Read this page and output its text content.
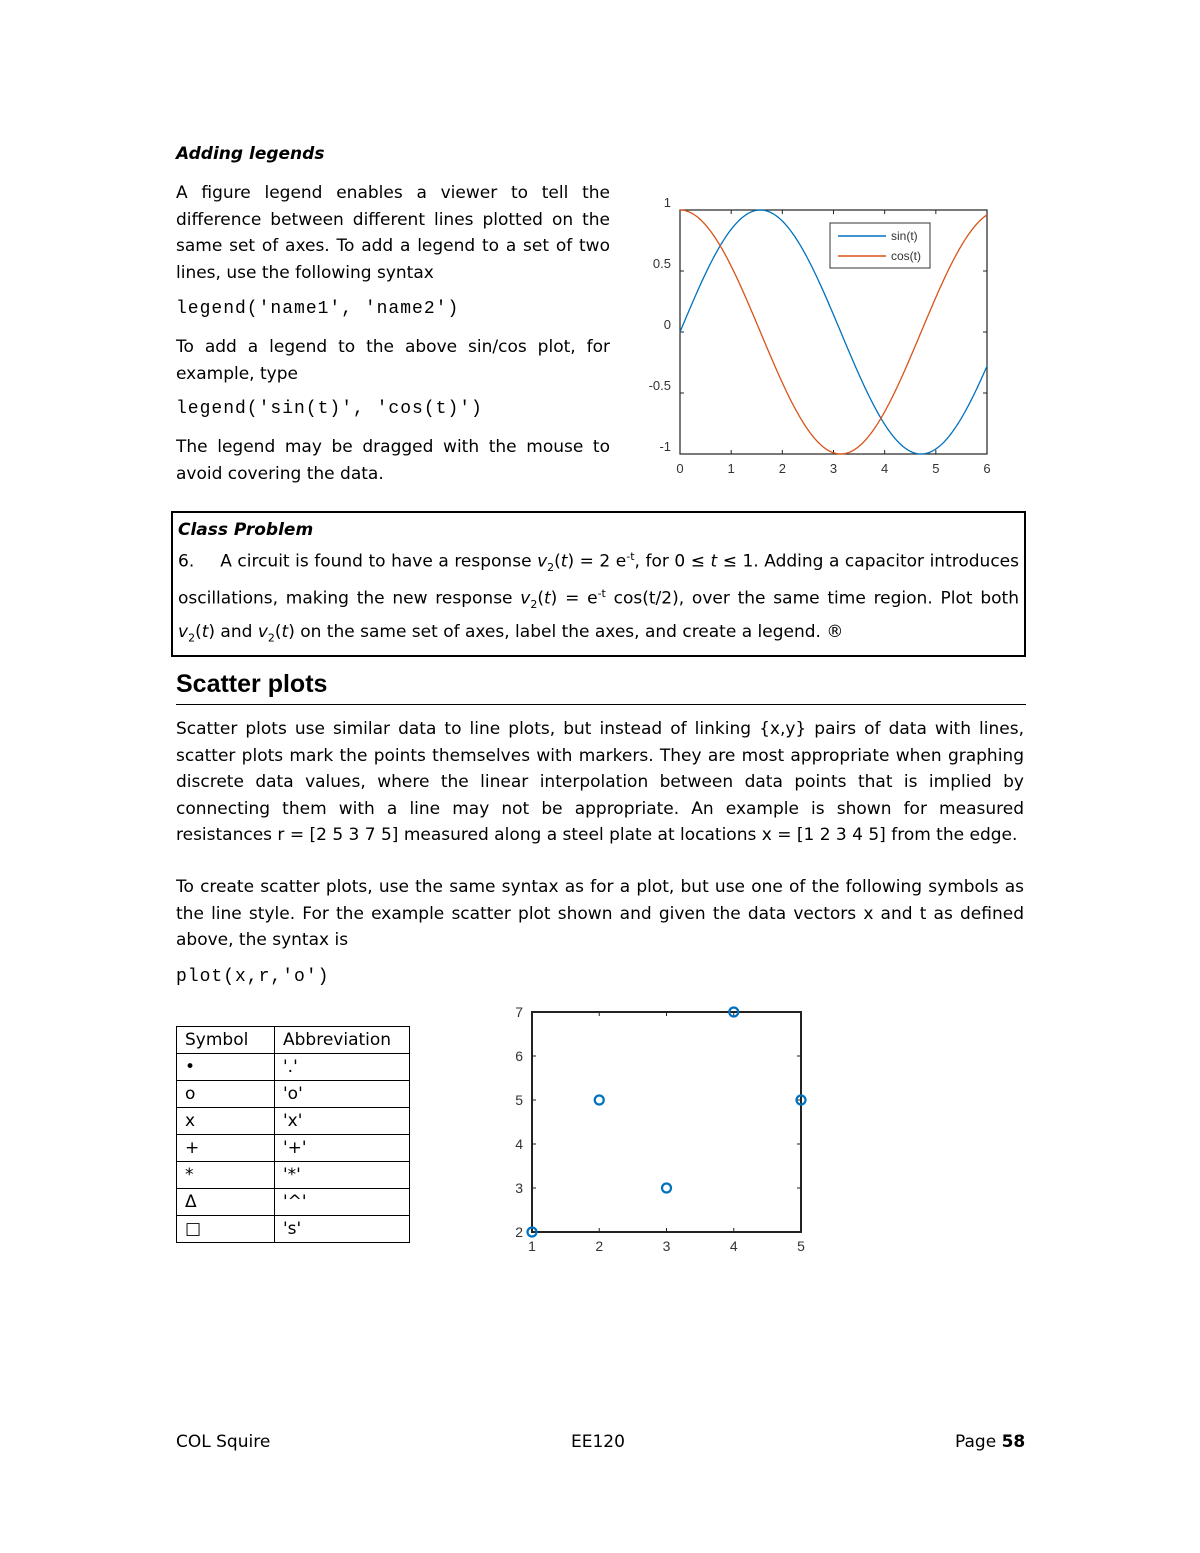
Adding legends

A figure legend enables a viewer to tell the difference between different lines plotted on the same set of axes. To add a legend to a set of two lines, use the following syntax

legend('name1', 'name2')

To add a legend to the above sin/cos plot, for example, type

legend('sin(t)', 'cos(t)')

The legend may be dragged with the mouse to avoid covering the data.	0	1	2	3	4	5	6
1
0.5
0
-0.5
-1
sin(t)
cos(t)

Class Problem

6. A circuit is found to have a response $v_2(t) = 2$ $e^{-t}$, for 0 ≤ t ≤ 1. Adding a capacitor introduces oscillations, making the new response $v_2(t) = e^{-t}$ cos(t/2), over the same time region. Plot both $v_2(t)$ and $v_2(t)$ on the same set of axes, label the axes, and create a legend. ®

Scatter plots

Scatter plots use similar data to line plots, but instead of linking {x,y} pairs of data with lines, scatter plots mark the points themselves with markers. They are most appropriate when graphing discrete data values, where the linear interpolation between data points that is implied by connecting them with a line may not be appropriate. An example is shown for measured resistances r = [2 5 3 7 5] measured along a steel plate at locations x = [1 2 3 4 5] from the edge.

To create scatter plots, use the same syntax as for a plot, but use one of the following symbols as the line style. For the example scatter plot shown and given the data vectors x and t as defined above, the syntax is

plot(x,r,'o')
Symbol	Abbreviation
•	'.'
o	'o'
x	'x'
+	'+'
*	'*'
Δ	'^'
□	's'
1	2	3	4	5
7
6
5
4
3
2
COL Squire	EE120	Page 58
